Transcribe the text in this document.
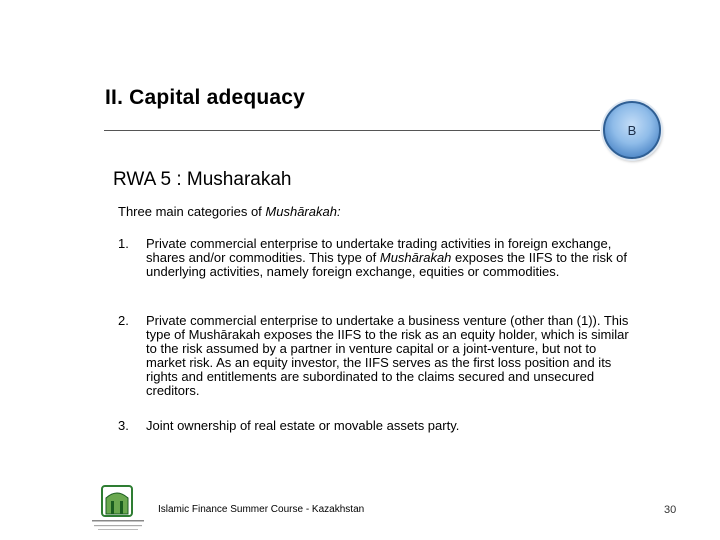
II. Capital adequacy
B
RWA 5 : Musharakah
Three main categories of Mushārakah:
1. Private commercial enterprise to undertake trading activities in foreign exchange, shares and/or commodities. This type of Mushārakah exposes the IIFS to the risk of underlying activities, namely foreign exchange, equities or commodities.
2. Private commercial enterprise to undertake a business venture (other than (1)). This type of Mushārakah exposes the IIFS to the risk as an equity holder, which is similar to the risk assumed by a partner in venture capital or a joint-venture, but not to market risk. As an equity investor, the IIFS serves as the first loss position and its rights and entitlements are subordinated to the claims secured and unsecured creditors.
3. Joint ownership of real estate or movable assets party.
Islamic Finance Summer Course - Kazakhstan	30
